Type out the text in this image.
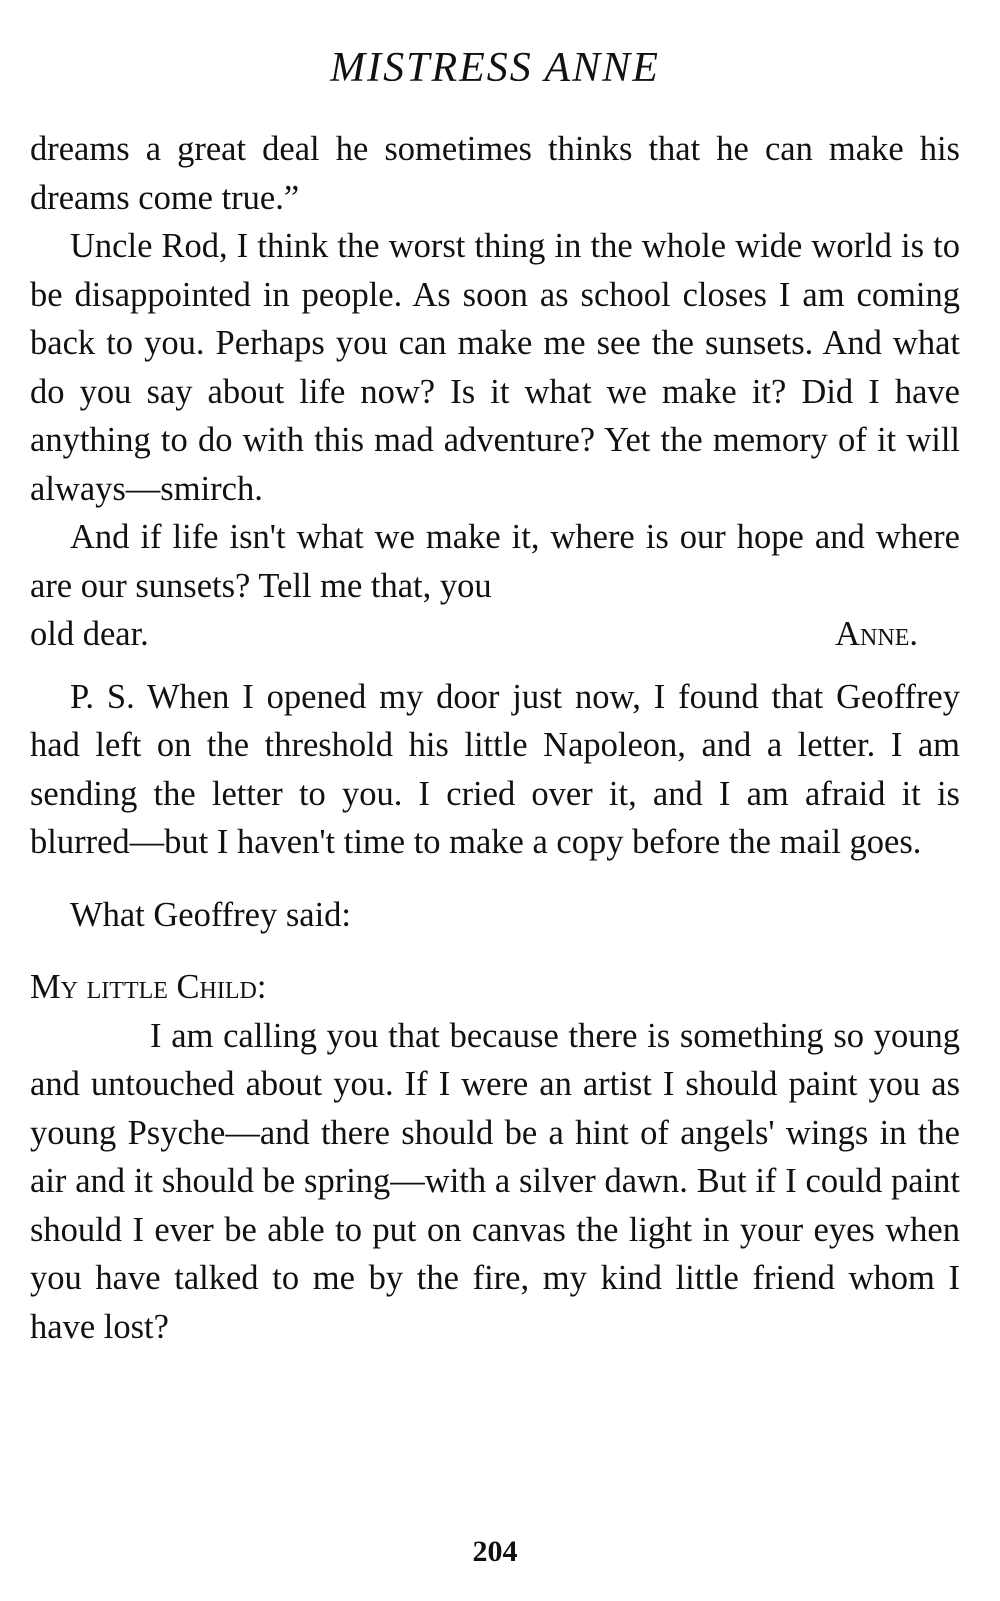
MISTRESS ANNE

dreams a great deal he sometimes thinks that he can make his dreams come true.”

Uncle Rod, I think the worst thing in the whole wide world is to be disappointed in people. As soon as school closes I am coming back to you. Perhaps you can make me see the sunsets. And what do you say about life now? Is it what we make it? Did I have anything to do with this mad adventure? Yet the memory of it will always—smirch.

And if life isn't what we make it, where is our hope and where are our sunsets? Tell me that, you

old dear.	Anne.

P. S. When I opened my door just now, I found that Geoffrey had left on the threshold his little Napoleon, and a letter. I am sending the letter to you. I cried over it, and I am afraid it is blurred—but I haven't time to make a copy before the mail goes.

What Geoffrey said:

My little Child:

I am calling you that because there is something so young and untouched about you. If I were an artist I should paint you as young Psyche—and there should be a hint of angels' wings in the air and it should be spring—with a silver dawn. But if I could paint should I ever be able to put on canvas the light in your eyes when you have talked to me by the fire, my kind little friend whom I have lost?

204
